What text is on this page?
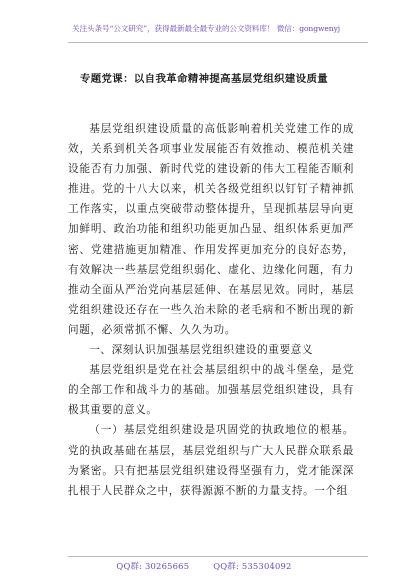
关注头条号“公文研究”，获得最新最全最专业的公文资料库！ 微信：gongwenyj
专题党课：以自我革命精神提高基层党组织建设质量

基层党组织建设质量的高低影响着机关党建工作的成效，关系到机关各项事业发展能否有效推动、模范机关建设能否有力加强、新时代党的建设新的伟大工程能否顺利推进。党的十八大以来，机关各级党组织以钉钉子精神抓工作落实，以重点突破带动整体提升，呈现抓基层导向更加鲜明、政治功能和组织功能更加凸显、组织体系更加严密、党建措施更加精准、作用发挥更加充分的良好态势，有效解决一些基层党组织弱化、虚化、边缘化问题，有力推动全面从严治党向基层延伸、在基层见效。同时，基层党组织建设还存在一些久治未除的老毛病和不断出现的新问题，必须常抓不懈、久久为功。

一、深刻认识加强基层党组织建设的重要意义

基层党组织是党在社会基层组织中的战斗堡垒，是党的全部工作和战斗力的基础。加强基层党组织建设，具有极其重要的意义。

（一）基层党组织建设是巩固党的执政地位的根基。党的执政基础在基层，基层党组织与广大人民群众联系最为紧密。只有把基层党组织建设得坚强有力，党才能深深扎根于人民群众之中，获得源源不断的力量支持。一个组

QQ群: 30265665	QQ群: 535304092
